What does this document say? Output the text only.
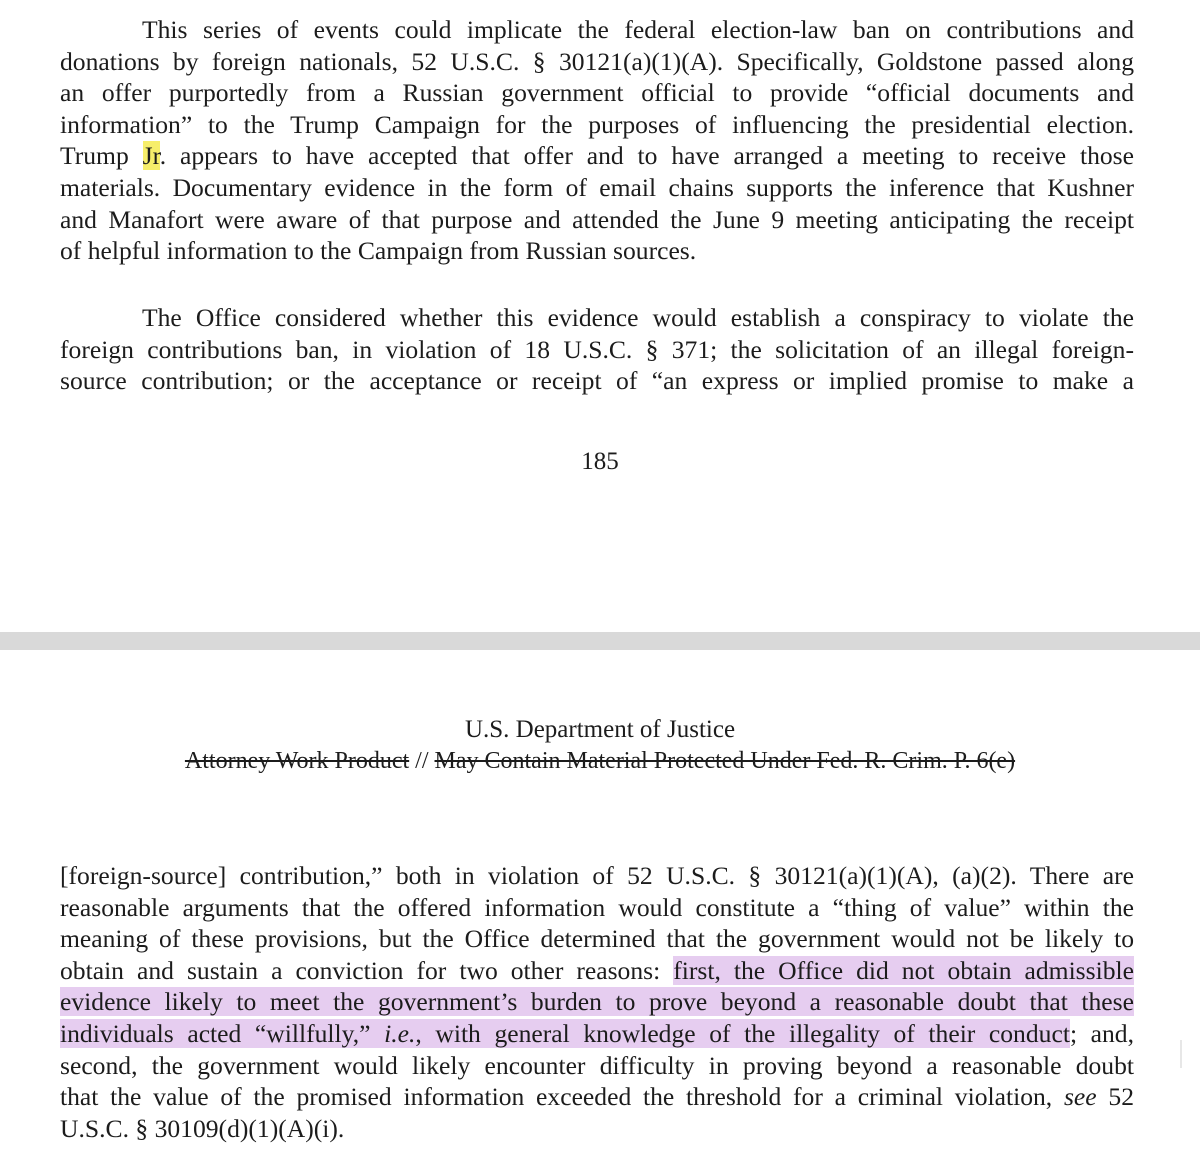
This series of events could implicate the federal election-law ban on contributions and
donations by foreign nationals, 52 U.S.C. § 30121(a)(1)(A). Specifically, Goldstone passed along
an offer purportedly from a Russian government official to provide “official documents and
information” to the Trump Campaign for the purposes of influencing the presidential election.
Trump Jr. appears to have accepted that offer and to have arranged a meeting to receive those
materials. Documentary evidence in the form of email chains supports the inference that Kushner
and Manafort were aware of that purpose and attended the June 9 meeting anticipating the receipt
of helpful information to the Campaign from Russian sources.
The Office considered whether this evidence would establish a conspiracy to violate the
foreign contributions ban, in violation of 18 U.S.C. § 371; the solicitation of an illegal foreign-
source contribution; or the acceptance or receipt of “an express or implied promise to make a
185
U.S. Department of Justice
Attorney Work Product // May Contain Material Protected Under Fed. R. Crim. P. 6(e)
[foreign-source] contribution,” both in violation of 52 U.S.C. § 30121(a)(1)(A), (a)(2). There are
reasonable arguments that the offered information would constitute a “thing of value” within the
meaning of these provisions, but the Office determined that the government would not be likely to
obtain and sustain a conviction for two other reasons: first, the Office did not obtain admissible
evidence likely to meet the government’s burden to prove beyond a reasonable doubt that these
individuals acted “willfully,” i.e., with general knowledge of the illegality of their conduct; and,
second, the government would likely encounter difficulty in proving beyond a reasonable doubt
that the value of the promised information exceeded the threshold for a criminal violation, see 52
U.S.C. § 30109(d)(1)(A)(i).
